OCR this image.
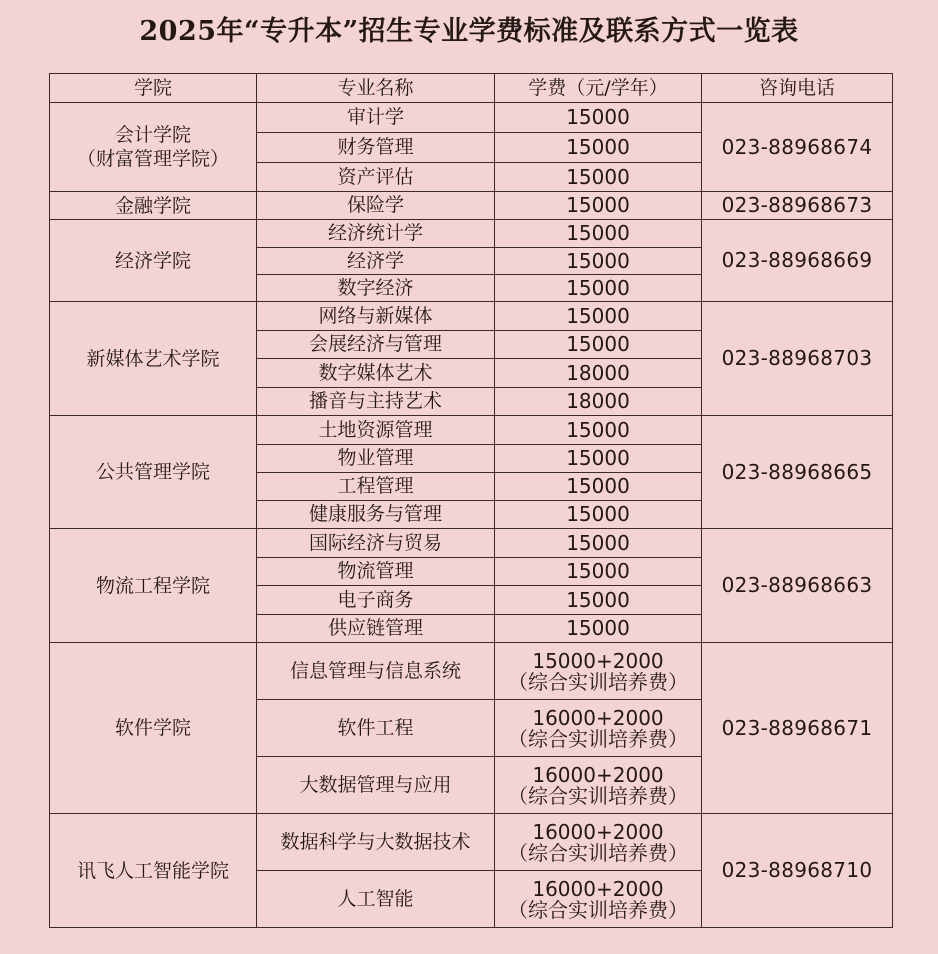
2025年“专升本”招生专业学费标准及联系方式一览表
学院	专业名称	学费（元/学年）	咨询电话

会计学院
（财富管理学院）	审计学	15000	023-88968674
	财务管理	15000	
	资产评估	15000	

金融学院	保险学	15000	023-88968673

经济学院	经济统计学	15000	023-88968669
	经济学	15000	
	数字经济	15000	

新媒体艺术学院	网络与新媒体	15000	023-88968703
	会展经济与管理	15000	
	数字媒体艺术	18000	
	播音与主持艺术	18000	

公共管理学院	土地资源管理	15000	023-88968665
	物业管理	15000	
	工程管理	15000	
	健康服务与管理	15000	

物流工程学院	国际经济与贸易	15000	023-88968663
	物流管理	15000	
	电子商务	15000	
	供应链管理	15000	

软件学院	信息管理与信息系统	15000+2000
（综合实训培养费）	023-88968671
	软件工程	16000+2000
（综合实训培养费）	

	大数据管理与应用	16000+2000
（综合实训培养费）	

讯飞人工智能学院	数据科学与大数据技术	16000+2000
（综合实训培养费）	023-88968710
	人工智能	16000+2000
（综合实训培养费）	
